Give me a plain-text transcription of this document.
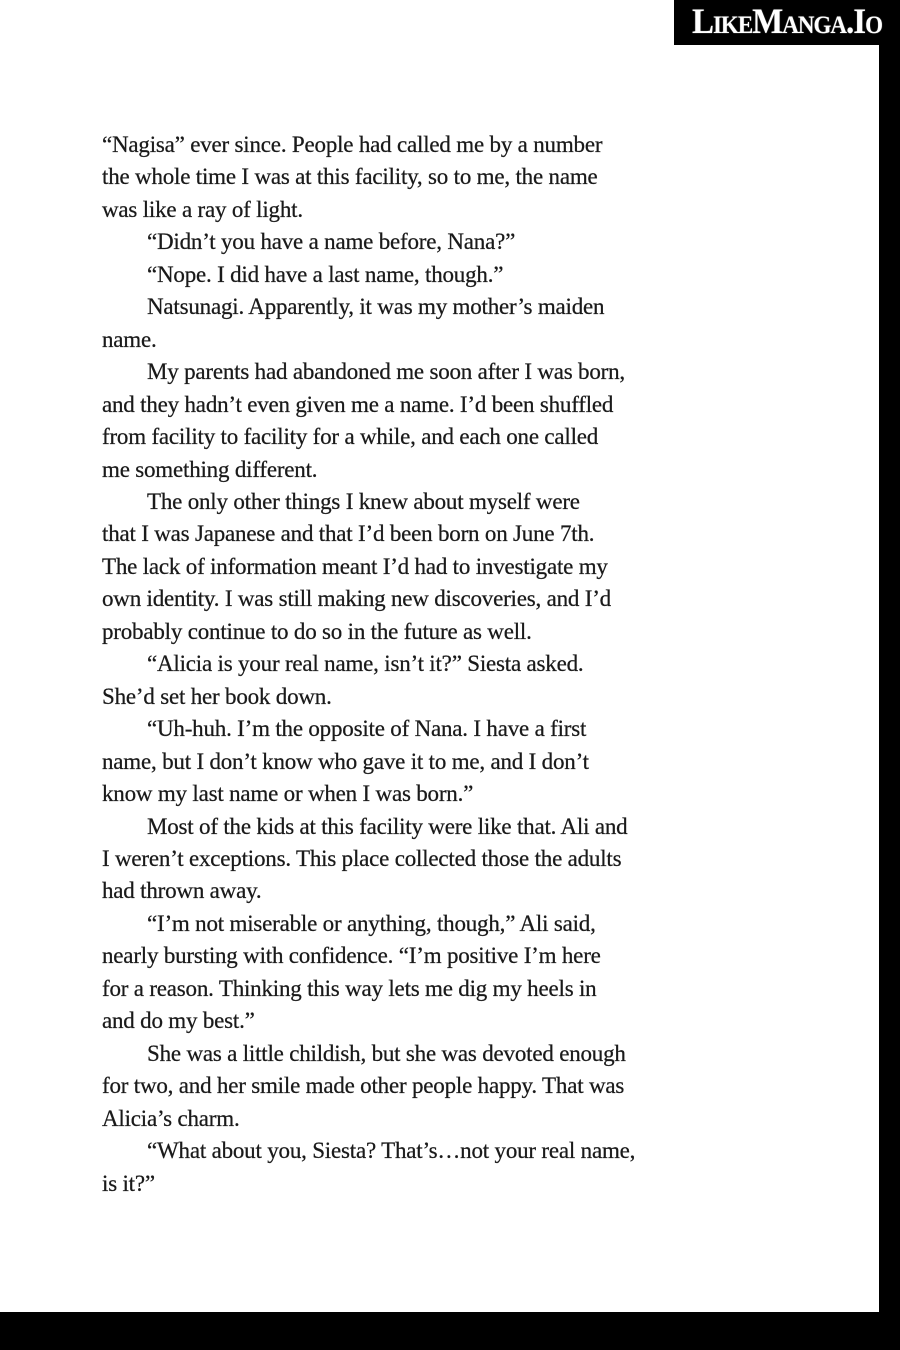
LikeManga.Io
“Nagisa” ever since. People had called me by a number
the whole time I was at this facility, so to me, the name
was like a ray of light.
“Didn’t you have a name before, Nana?”
“Nope. I did have a last name, though.”
Natsunagi. Apparently, it was my mother’s maiden
name.
My parents had abandoned me soon after I was born,
and they hadn’t even given me a name. I’d been shuffled
from facility to facility for a while, and each one called
me something different.
The only other things I knew about myself were
that I was Japanese and that I’d been born on June 7th.
The lack of information meant I’d had to investigate my
own identity. I was still making new discoveries, and I’d
probably continue to do so in the future as well.
“Alicia is your real name, isn’t it?” Siesta asked.
She’d set her book down.
“Uh-huh. I’m the opposite of Nana. I have a first
name, but I don’t know who gave it to me, and I don’t
know my last name or when I was born.”
Most of the kids at this facility were like that. Ali and
I weren’t exceptions. This place collected those the adults
had thrown away.
“I’m not miserable or anything, though,” Ali said,
nearly bursting with confidence. “I’m positive I’m here
for a reason. Thinking this way lets me dig my heels in
and do my best.”
She was a little childish, but she was devoted enough
for two, and her smile made other people happy. That was
Alicia’s charm.
“What about you, Siesta? That’s…not your real name,
is it?”
